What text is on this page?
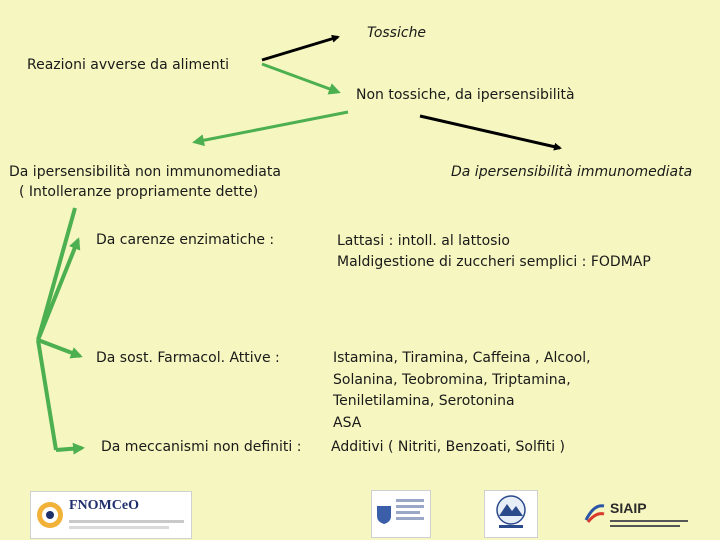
Reazioni avverse da alimenti
Tossiche
Non tossiche, da ipersensibilità
Da ipersensibilità non immunomediata
( Intolleranze propriamente dette)
Da ipersensibilità immunomediata
Da carenze enzimatiche :	Lattasi : intoll. al lattosio
Maldigestione di zuccheri semplici : FODMAP
Da sost. Farmacol. Attive :	Istamina, Tiramina, Caffeina , Alcool,
Solanina, Teobromina, Triptamina,
Teniletilamina, Serotonina
ASA
Da meccanismi non definiti : Additivi ( Nitriti, Benzoati, Solfiti )
FNOMCeO	SIAIP
